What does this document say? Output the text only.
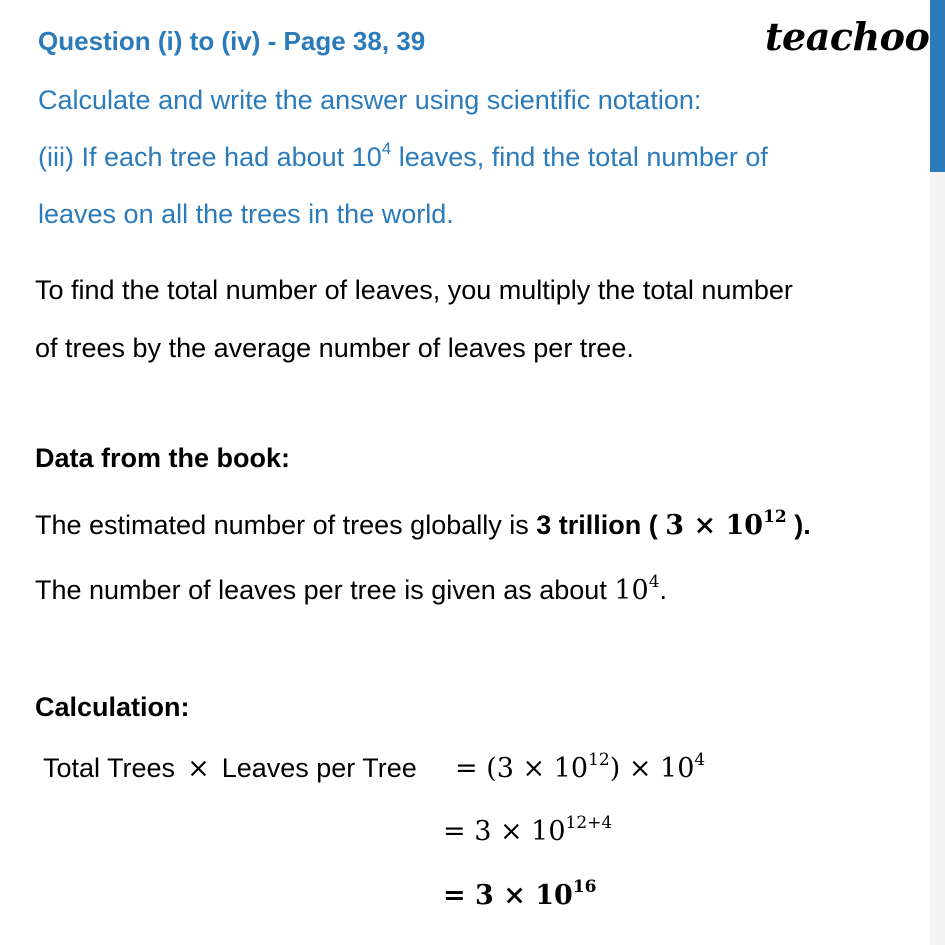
teachoo
Question (i) to (iv) - Page 38, 39
Calculate and write the answer using scientific notation:
(iii) If each tree had about $10^4$ leaves, find the total number of
leaves on all the trees in the world.
To find the total number of leaves, you multiply the total number
of trees by the average number of leaves per tree.
Data from the book:
The estimated number of trees globally is 3 trillion ( $3 \times 10^{12}$ ).
The number of leaves per tree is given as about $10^4$.
Calculation:
Total Trees × Leaves per Tree = $(3 \times 10^{12}) \times 10^4$
= $3 \times 10^{12+4}$
= $3 \times 10^{16}$
